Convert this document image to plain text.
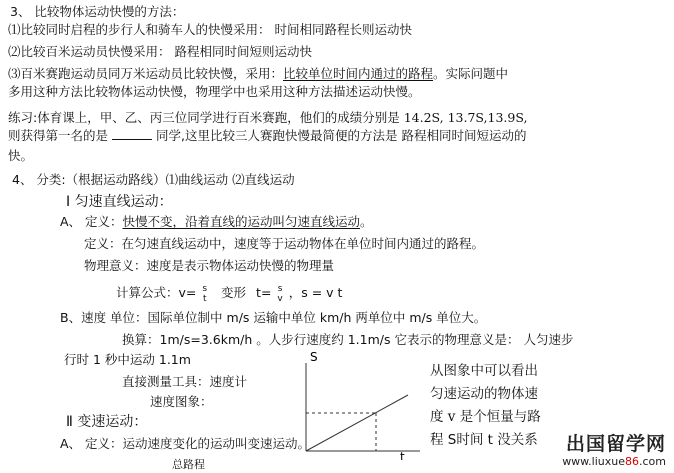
3、 比较物体运动快慢的方法：
⑴比较同时启程的步行人和骑车人的快慢采用： 时间相同路程长则运动快
⑵比较百米运动员快慢采用： 路程相同时间短则运动快
⑶百米赛跑运动员同万米运动员比较快慢，采用：比较单位时间内通过的路程。实际问题中
多用这种方法比较物体运动快慢，物理学中也采用这种方法描述运动快慢。
练习:体育课上，甲、乙、丙三位同学进行百米赛跑，他们的成绩分别是 14.2S, 13.7S,13.9S,
则获得第一名的是	同学,这里比较三人赛跑快慢最简便的方法是 路程相同时间短运动的
快。
4、 分类:（根据运动路线）⑴曲线运动 ⑵直线运动
Ⅰ 匀速直线运动：
A、 定义：快慢不变，沿着直线的运动叫匀速直线运动。
定义：在匀速直线运动中，速度等于运动物体在单位时间内通过的路程。
物理意义：速度是表示物体运动快慢的物理量
计算公式：v= s
t 变形 t= s
v ，s = v t
B、速度 单位：国际单位制中 m/s 运输中单位 km/h 两单位中 m/s 单位大。
换算：1m/s=3.6km/h 。人步行速度约 1.1m/s 它表示的物理意义是： 人匀速步
行时 1 秒中运动 1.1m
直接测量工具：速度计
速度图象：
Ⅱ 变速运动：
A、 定义：运动速度变化的运动叫变速运动。
总路程
S
t
从图象中可以看出
匀速运动的物体速
度 v 是个恒量与路
程 S时间 t 没关系 出国留学网
www.liuxue86.com
